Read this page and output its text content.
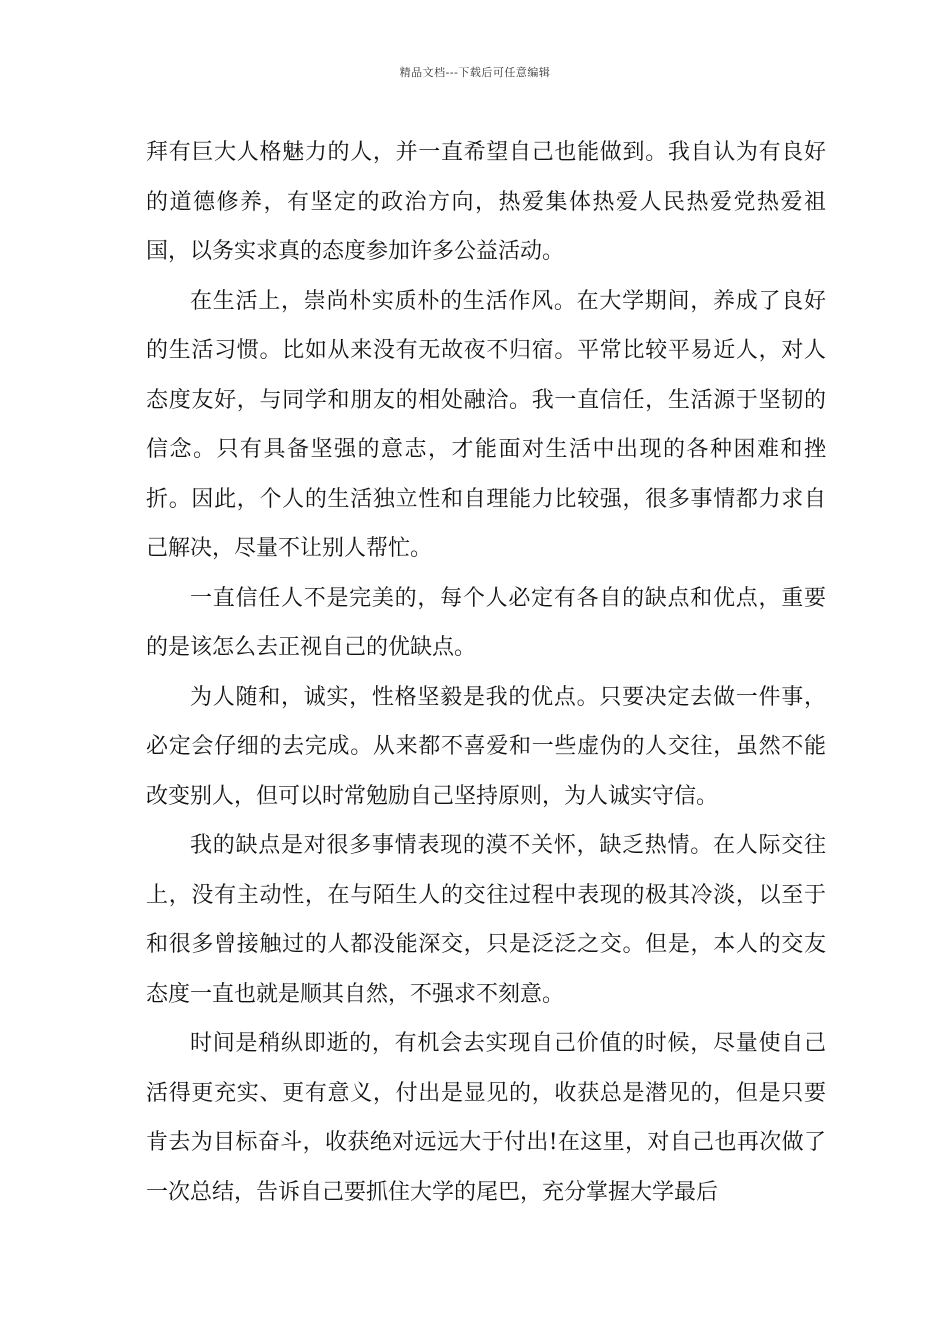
精品文档---下载后可任意编辑

拜有巨大人格魅力的人，并一直希望自己也能做到。我自认为有良好的道德修养，有坚定的政治方向，热爱集体热爱人民热爱党热爱祖国，以务实求真的态度参加许多公益活动。

在生活上，崇尚朴实质朴的生活作风。在大学期间，养成了良好的生活习惯。比如从来没有无故夜不归宿。平常比较平易近人，对人态度友好，与同学和朋友的相处融洽。我一直信任，生活源于坚韧的信念。只有具备坚强的意志，才能面对生活中出现的各种困难和挫折。因此，个人的生活独立性和自理能力比较强，很多事情都力求自己解决，尽量不让别人帮忙。

一直信任人不是完美的，每个人必定有各自的缺点和优点，重要的是该怎么去正视自己的优缺点。

为人随和，诚实，性格坚毅是我的优点。只要决定去做一件事，必定会仔细的去完成。从来都不喜爱和一些虚伪的人交往，虽然不能改变别人，但可以时常勉励自己坚持原则，为人诚实守信。

我的缺点是对很多事情表现的漠不关怀，缺乏热情。在人际交往上，没有主动性，在与陌生人的交往过程中表现的极其冷淡，以至于和很多曾接触过的人都没能深交，只是泛泛之交。但是，本人的交友态度一直也就是顺其自然，不强求不刻意。

时间是稍纵即逝的，有机会去实现自己价值的时候，尽量使自己活得更充实、更有意义，付出是显见的，收获总是潜见的，但是只要肯去为目标奋斗，收获绝对远远大于付出!在这里，对自己也再次做了一次总结，告诉自己要抓住大学的尾巴，充分掌握大学最后
